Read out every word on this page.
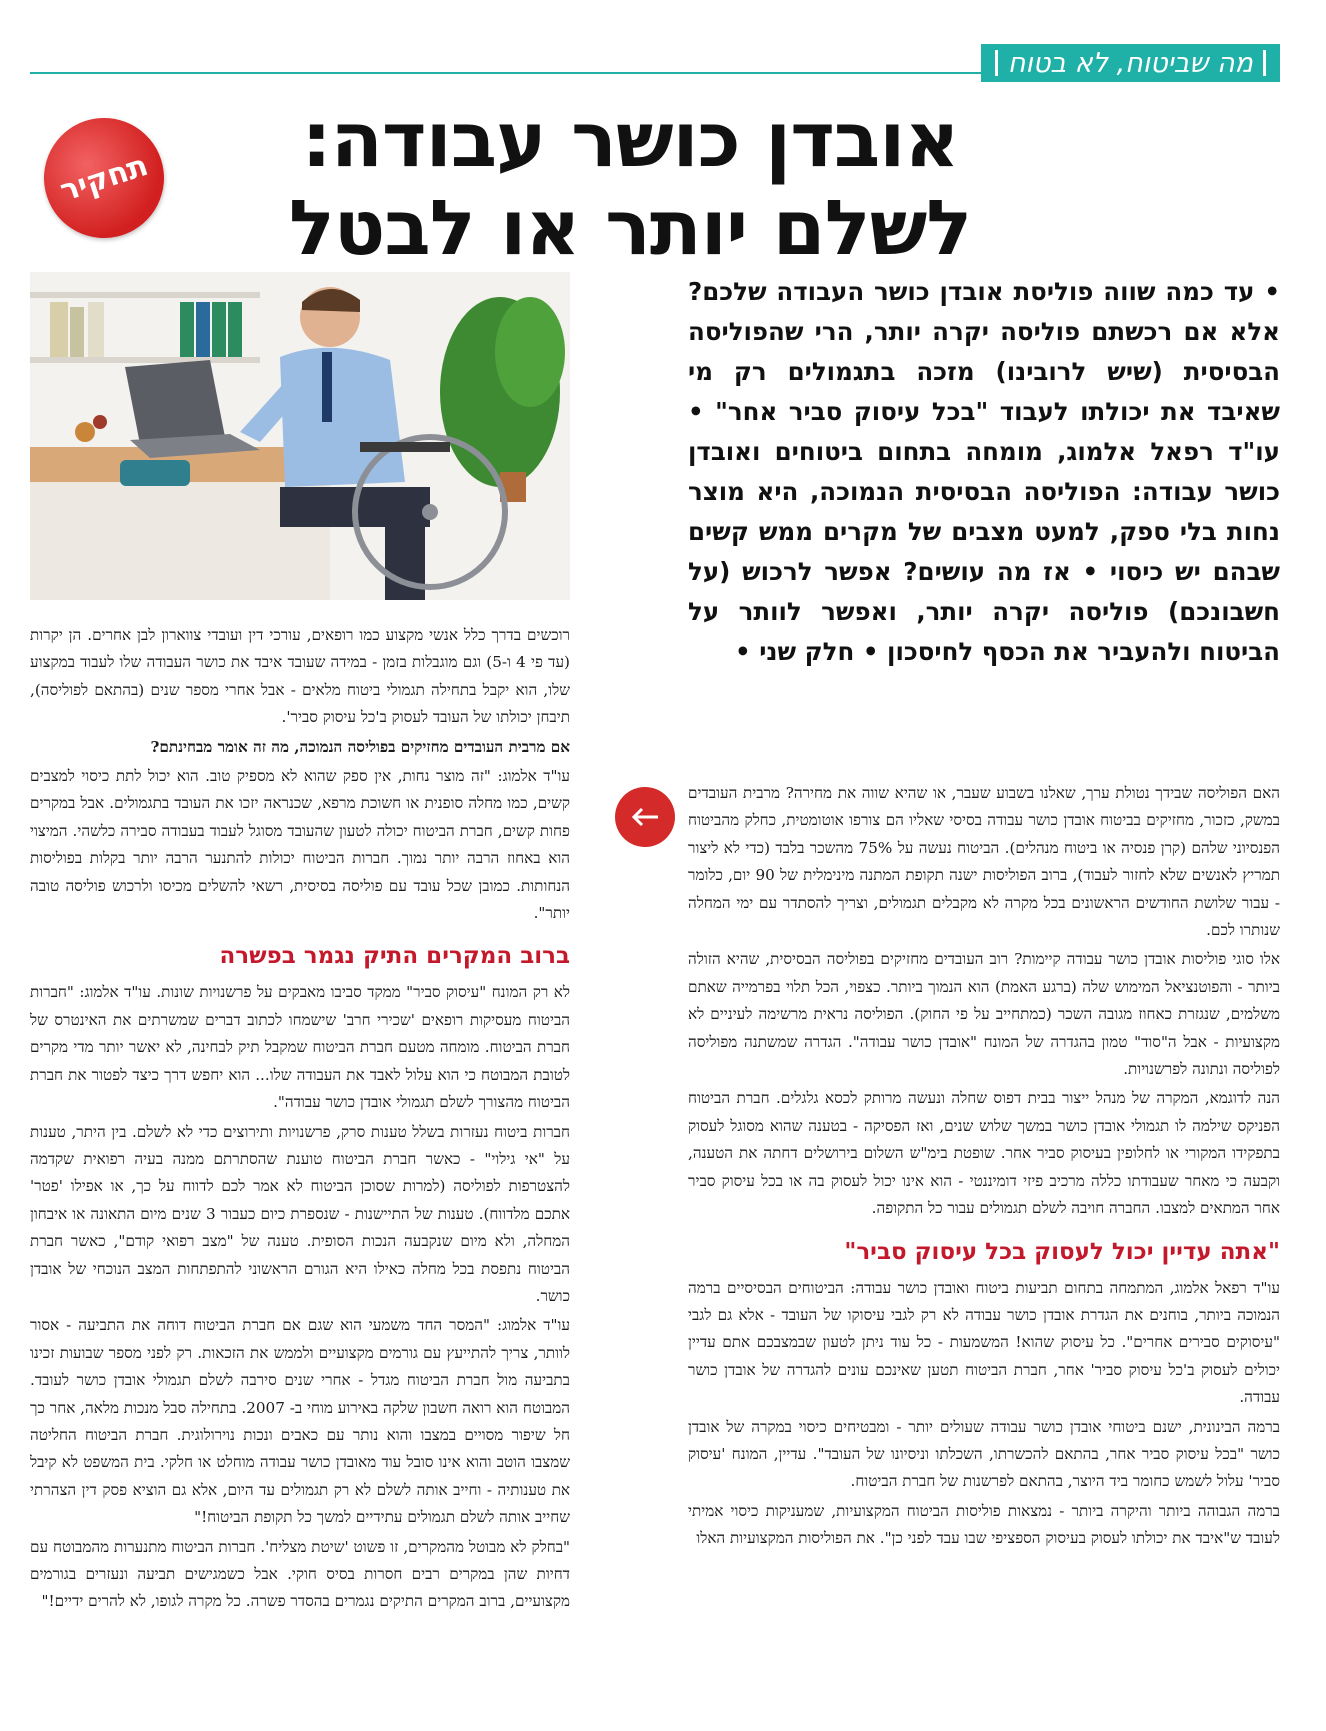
מה שביטוח, לא בטוח
אובדן כושר עבודה:
לשלם יותר או לבטל
תחקיר
• עד כמה שווה פוליסת אובדן כושר העבודה שלכם? אלא אם רכשתם פוליסה יקרה יותר, הרי שהפוליסה הבסיסית (שיש לרובינו) מזכה בתגמולים רק מי שאיבד את יכולתו לעבוד "בכל עיסוק סביר אחר" • עו"ד רפאל אלמוג, מומחה בתחום ביטוחים ואובדן כושר עבודה: הפוליסה הבסיסית הנמוכה, היא מוצר נחות בלי ספק, למעט מצבים של מקרים ממש קשים שבהם יש כיסוי • אז מה עושים? אפשר לרכוש (על חשבונכם) פוליסה יקרה יותר, ואפשר לוותר על הביטוח ולהעביר את הכסף לחיסכון • חלק שני •

האם הפוליסה שבידך נטולת ערך, שאלנו בשבוע שעבר, או שהיא שווה את מחירה? מרבית העובדים במשק, כזכור, מחזיקים בביטוח אובדן כושר עבודה בסיסי שאליו הם צורפו אוטומטית, כחלק מהביטוח הפנסיוני שלהם (קרן פנסיה או ביטוח מנהלים). הביטוח נעשה על 75% מהשכר בלבד (כדי לא ליצור תמריץ לאנשים שלא לחזור לעבוד), ברוב הפוליסות ישנה תקופת המתנה מינימלית של 90 יום, כלומר - עבור שלושת החודשים הראשונים בכל מקרה לא מקבלים תגמולים, וצריך להסתדר עם ימי המחלה שנותרו לכם.

אלו סוגי פוליסות אובדן כושר עבודה קיימות? רוב העובדים מחזיקים בפוליסה הבסיסית, שהיא הזולה ביותר - והפוטנציאל המימוש שלה (ברגע האמת) הוא הנמוך ביותר. כצפוי, הכל תלוי בפרמייה שאתם משלמים, שנגזרת כאחוז מגובה השכר (כמתחייב על פי החוק). הפוליסה נראית מרשימה לעיניים לא מקצועיות - אבל ה"סוד" טמון בהגדרה של המונח "אובדן כושר עבודה". הגדרה שמשתנה מפוליסה לפוליסה ונתונה לפרשנויות.

הנה לדוגמא, המקרה של מנהל ייצור בבית דפוס שחלה ונעשה מרותק לכסא גלגלים. חברת הביטוח הפניקס שילמה לו תגמולי אובדן כושר במשך שלוש שנים, ואז הפסיקה - בטענה שהוא מסוגל לעסוק בתפקידו המקורי או לחלופין בעיסוק סביר אחר. שופטת בימ"ש השלום בירושלים דחתה את הטענה, וקבעה כי מאחר שעבודתו כללה מרכיב פיזי דומיננטי - הוא אינו יכול לעסוק בה או בכל עיסוק סביר אחר המתאים למצבו. החברה חויבה לשלם תגמולים עבור כל התקופה.

"אתה עדיין יכול לעסוק בכל עיסוק סביר"

עו"ד רפאל אלמוג, המתמחה בתחום תביעות ביטוח ואובדן כושר עבודה: הביטוחים הבסיסיים ברמה הנמוכה ביותר, בוחנים את הגדרת אובדן כושר עבודה לא רק לגבי עיסוקו של העובד - אלא גם לגבי "עיסוקים סבירים אחרים". כל עיסוק שהוא! המשמעות - כל עוד ניתן לטעון שבמצבכם אתם עדיין יכולים לעסוק ב'כל עיסוק סביר' אחר, חברת הביטוח תטען שאינכם עונים להגדרה של אובדן כושר עבודה.

ברמה הבינונית, ישנם ביטוחי אובדן כושר עבודה שעולים יותר - ומבטיחים כיסוי במקרה של אובדן כושר "בכל עיסוק סביר אחר, בהתאם להכשרתו, השכלתו וניסיונו של העובד". עדיין, המונח 'עיסוק סביר' עלול לשמש כחומר ביד היוצר, בהתאם לפרשנות של חברת הביטוח.

ברמה הגבוהה ביותר והיקרה ביותר - נמצאות פוליסות הביטוח המקצועיות, שמעניקות כיסוי אמיתי לעובד ש"איבד את יכולתו לעסוק בעיסוק הספציפי שבו עבד לפני כן". את הפוליסות המקצועיות האלו

רוכשים בדרך כלל אנשי מקצוע כמו רופאים, עורכי דין ועובדי צווארון לבן אחרים. הן יקרות (עד פי 4 ו-5) וגם מוגבלות בזמן - במידה שעובד איבד את כושר העבודה שלו לעבוד במקצוע שלו, הוא יקבל בתחילה תגמולי ביטוח מלאים - אבל אחרי מספר שנים (בהתאם לפוליסה), תיבחן יכולתו של העובד לעסוק ב'כל עיסוק סביר'.

אם מרבית העובדים מחזיקים בפוליסה הנמוכה, מה זה אומר מבחינתם?

עו"ד אלמוג: "זה מוצר נחות, אין ספק שהוא לא מספיק טוב. הוא יכול לתת כיסוי למצבים קשים, כמו מחלה סופנית או חשוכת מרפא, שכנראה יזכו את העובד בתגמולים. אבל במקרים פחות קשים, חברת הביטוח יכולה לטעון שהעובד מסוגל לעבוד בעבודה סבירה כלשהי. המיצוי הוא באחוז הרבה יותר נמוך. חברות הביטוח יכולות להתנער הרבה יותר בקלות בפוליסות הנחותות. כמובן שכל עובד עם פוליסה בסיסית, רשאי להשלים מכיסו ולרכוש פוליסה טובה יותר".

ברוב המקרים התיק נגמר בפשרה

לא רק המונח "עיסוק סביר" ממקד סביבו מאבקים על פרשנויות שונות. עו"ד אלמוג: "חברות הביטוח מעסיקות רופאים 'שכירי חרב' שישמחו לכתוב דברים שמשרתים את האינטרס של חברת הביטוח. מומחה מטעם חברת הביטוח שמקבל תיק לבחינה, לא יאשר יותר מדי מקרים לטובת המבוטח כי הוא עלול לאבד את העבודה שלו... הוא יחפש דרך כיצד לפטור את חברת הביטוח מהצורך לשלם תגמולי אובדן כושר עבודה".

חברות ביטוח נעזרות בשלל טענות סרק, פרשנויות ותירוצים כדי לא לשלם. בין היתר, טענות על "אי גילוי" - כאשר חברת הביטוח טוענת שהסתרתם ממנה בעיה רפואית שקדמה להצטרפות לפוליסה (למרות שסוכן הביטוח לא אמר לכם לדווח על כך, או אפילו 'פטר' אתכם מלדווח). טענות של התיישנות - שנספרת כיום כעבור 3 שנים מיום התאונה או איבחון המחלה, ולא מיום שנקבעה הנכות הסופית. טענה של "מצב רפואי קודם", כאשר חברת הביטוח נתפסת בכל מחלה כאילו היא הגורם הראשוני להתפתחות המצב הנוכחי של אובדן כושר.

עו"ד אלמוג: "המסר החד משמעי הוא שגם אם חברת הביטוח דוחה את התביעה - אסור לוותר, צריך להתייעץ עם גורמים מקצועיים ולממש את הזכאות. רק לפני מספר שבועות זכינו בתביעה מול חברת הביטוח מגדל - אחרי שנים סירבה לשלם תגמולי אובדן כושר לעובד. המבוטח הוא רואה חשבון שלקה באירוע מוחי ב- 2007. בתחילה סבל מנכות מלאה, אחר כך חל שיפור מסויים במצבו והוא נותר עם כאבים ונכות נוירולוגית. חברת הביטוח החליטה שמצבו הוטב והוא אינו סובל עוד מאובדן כושר עבודה מוחלט או חלקי. בית המשפט לא קיבל את טענותיה - וחייב אותה לשלם לא רק תגמולים עד היום, אלא גם הוציא פסק דין הצהרתי שחייב אותה לשלם תגמולים עתידיים למשך כל תקופת הביטוח!"

"בחלק לא מבוטל מהמקרים, זו פשוט 'שיטת מצליח'. חברות הביטוח מתנערות מהמבוטח עם דחיות שהן במקרים רבים חסרות בסיס חוקי. אבל כשמגישים תביעה ונעזרים בגורמים מקצועיים, ברוב המקרים התיקים נגמרים בהסדר פשרה. כל מקרה לגופו, לא להרים ידיים!"
